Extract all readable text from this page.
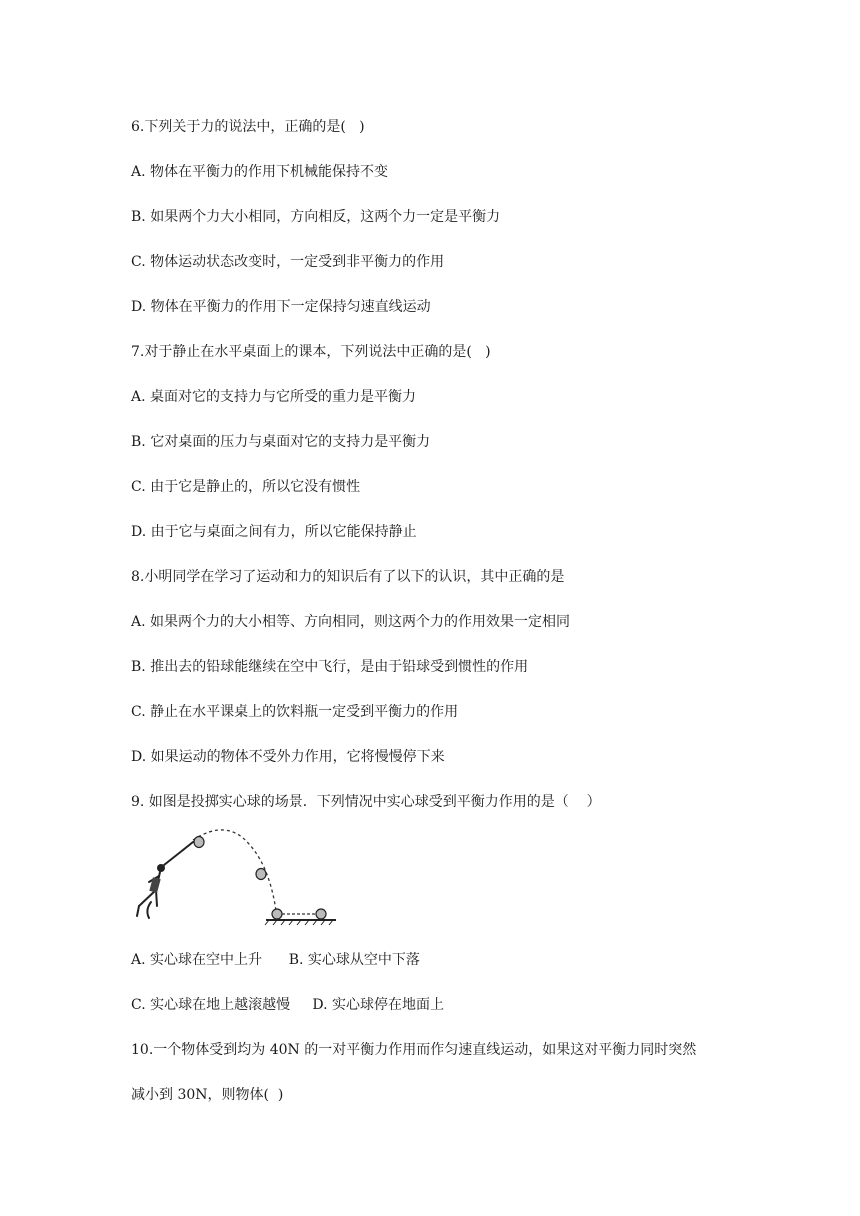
6.下列关于力的说法中，正确的是(   )
A. 物体在平衡力的作用下机械能保持不变
B. 如果两个力大小相同，方向相反，这两个力一定是平衡力
C. 物体运动状态改变时，一定受到非平衡力的作用
D. 物体在平衡力的作用下一定保持匀速直线运动
7.对于静止在水平桌面上的课本，下列说法中正确的是(   )
A. 桌面对它的支持力与它所受的重力是平衡力
B. 它对桌面的压力与桌面对它的支持力是平衡力
C. 由于它是静止的，所以它没有惯性
D. 由于它与桌面之间有力，所以它能保持静止
8.小明同学在学习了运动和力的知识后有了以下的认识，其中正确的是
A. 如果两个力的大小相等、方向相同，则这两个力的作用效果一定相同
B. 推出去的铅球能继续在空中飞行，是由于铅球受到惯性的作用
C. 静止在水平课桌上的饮料瓶一定受到平衡力的作用
D. 如果运动的物体不受外力作用，它将慢慢停下来
9. 如图是投掷实心球的场景．下列情况中实心球受到平衡力作用的是（    ）
A. 实心球在空中上升      B. 实心球从空中下落
C. 实心球在地上越滚越慢     D. 实心球停在地面上
10.一个物体受到均为 40N 的一对平衡力作用而作匀速直线运动，如果这对平衡力同时突然
减小到 30N，则物体(  )
